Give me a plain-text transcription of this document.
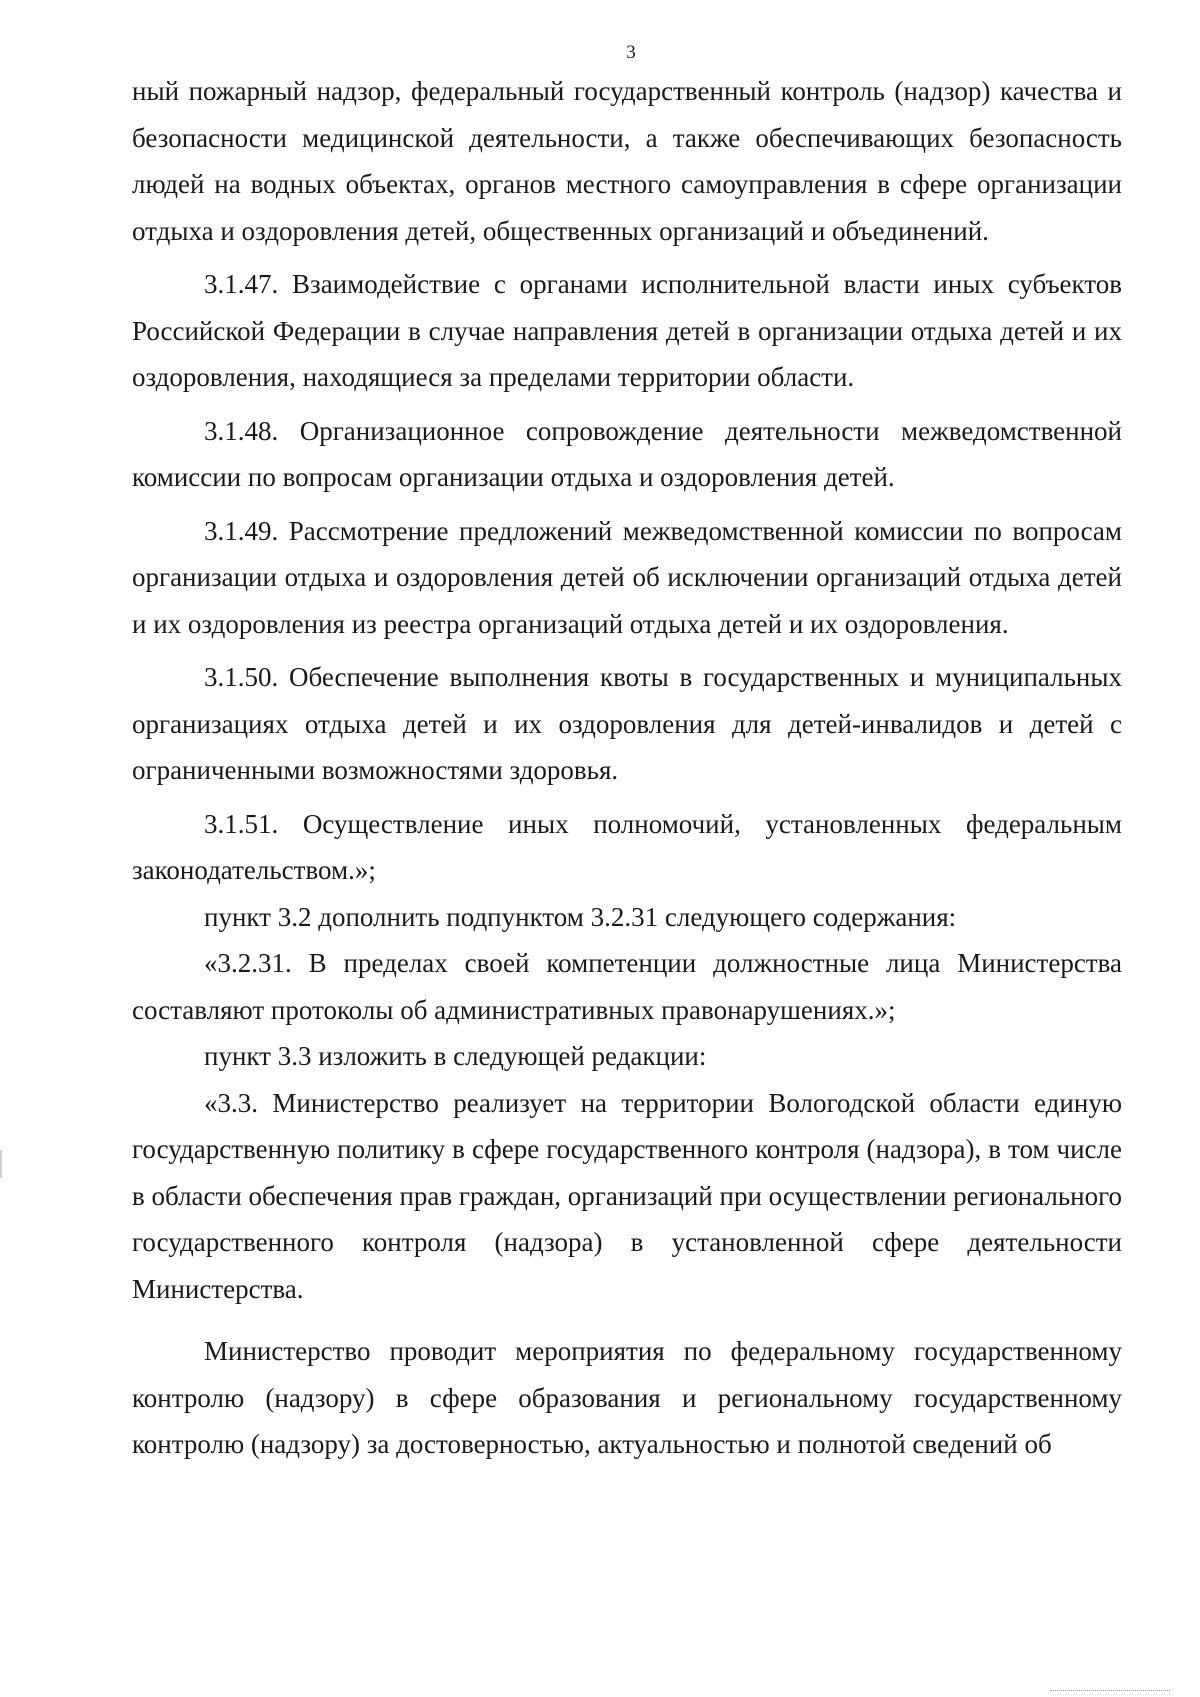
3

ный пожарный надзор, федеральный государственный контроль (надзор) качества и безопасности медицинской деятельности, а также обеспечивающих безопасность людей на водных объектах, органов местного самоуправления в сфере организации отдыха и оздоровления детей, общественных организаций и объединений.

3.1.47. Взаимодействие с органами исполнительной власти иных субъектов Российской Федерации в случае направления детей в организации отдыха детей и их оздоровления, находящиеся за пределами территории области.

3.1.48. Организационное сопровождение деятельности межведомственной комиссии по вопросам организации отдыха и оздоровления детей.

3.1.49. Рассмотрение предложений межведомственной комиссии по вопросам организации отдыха и оздоровления детей об исключении организаций отдыха детей и их оздоровления из реестра организаций отдыха детей и их оздоровления.

3.1.50. Обеспечение выполнения квоты в государственных и муниципальных организациях отдыха детей и их оздоровления для детей-инвалидов и детей с ограниченными возможностями здоровья.

3.1.51. Осуществление иных полномочий, установленных федеральным законодательством.»;

пункт 3.2 дополнить подпунктом 3.2.31 следующего содержания:

«3.2.31. В пределах своей компетенции должностные лица Министерства составляют протоколы об административных правонарушениях.»;

пункт 3.3 изложить в следующей редакции:

«3.3. Министерство реализует на территории Вологодской области единую государственную политику в сфере государственного контроля (надзора), в том числе в области обеспечения прав граждан, организаций при осуществлении регионального государственного контроля (надзора) в установленной сфере деятельности Министерства.

Министерство проводит мероприятия по федеральному государственному контролю (надзору) в сфере образования и региональному государственному контролю (надзору) за достоверностью, актуальностью и полнотой сведений об
